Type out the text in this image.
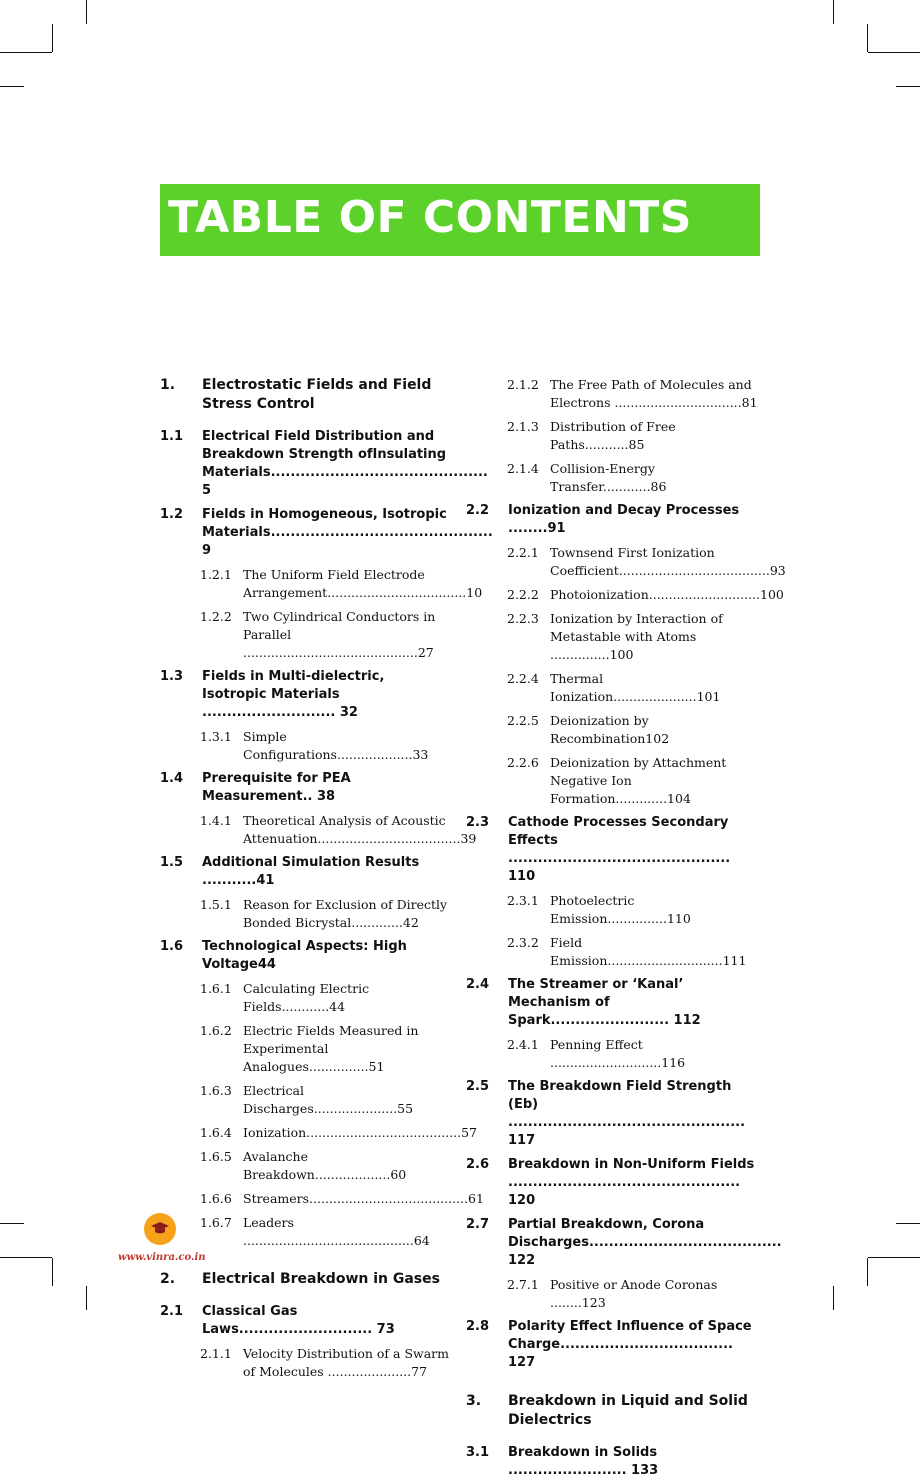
TABLE OF CONTENTS
1.	Electrostatic Fields and Field Stress Control
1.1	Electrical Field Distribution and Breakdown Strength ofInsulating Materials............................................ 5
1.2	Fields in Homogeneous, Isotropic Materials............................................. 9
1.2.1 The Uniform Field Electrode Arrangement...................................10
1.2.2 Two Cylindrical Conductors in Parallel ............................................27
1.3	Fields in Multi-dielectric, Isotropic Materials ........................... 32
1.3.1 Simple Configurations...................33
1.4	Prerequisite for PEA Measurement.. 38
1.4.1 Theoretical Analysis of Acoustic Attenuation....................................39
1.5	Additional Simulation Results ...........41
1.5.1 Reason for Exclusion of Directly Bonded Bicrystal.............42
1.6	Technological Aspects: High Voltage44
1.6.1 Calculating Electric Fields............44
1.6.2 Electric Fields Measured in Experimental Analogues...............51
1.6.3 Electrical Discharges.....................55
1.6.4 Ionization.......................................57
1.6.5 Avalanche Breakdown...................60
1.6.6 Streamers........................................61
1.6.7 Leaders ...........................................64
2.	Electrical Breakdown in Gases
2.1	Classical Gas Laws........................... 73
2.1.1 Velocity Distribution of a Swarm of Molecules .....................77
2.1.2 The Free Path of Molecules and Electrons ................................81
2.1.3 Distribution of Free Paths...........85
2.1.4 Collision-Energy Transfer............86
2.2	Ionization and Decay Processes ........91
2.2.1 Townsend First Ionization Coefficient......................................93
2.2.2 Photoionization............................100
2.2.3 Ionization by Interaction of Metastable with Atoms ...............100
2.2.4 Thermal Ionization.....................101
2.2.5 Deionization by Recombination102
2.2.6 Deionization by Attachment Negative Ion Formation.............104
2.3	Cathode Processes Secondary Effects ............................................. 110
2.3.1 Photoelectric Emission...............110
2.3.2 Field Emission.............................111
2.4	The Streamer or ‘Kanal’ Mechanism of Spark........................ 112
2.4.1 Penning Effect ............................116
2.5	The Breakdown Field Strength (Eb) ................................................ 117
2.6	Breakdown in Non-Uniform Fields ............................................... 120
2.7	Partial Breakdown, Corona Discharges....................................... 122
2.7.1 Positive or Anode Coronas ........123
2.8	Polarity Effect Influence of Space Charge................................... 127
3.	Breakdown in Liquid and Solid Dielectrics
3.1	Breakdown in Solids ........................ 133
www.vinra.co.in
